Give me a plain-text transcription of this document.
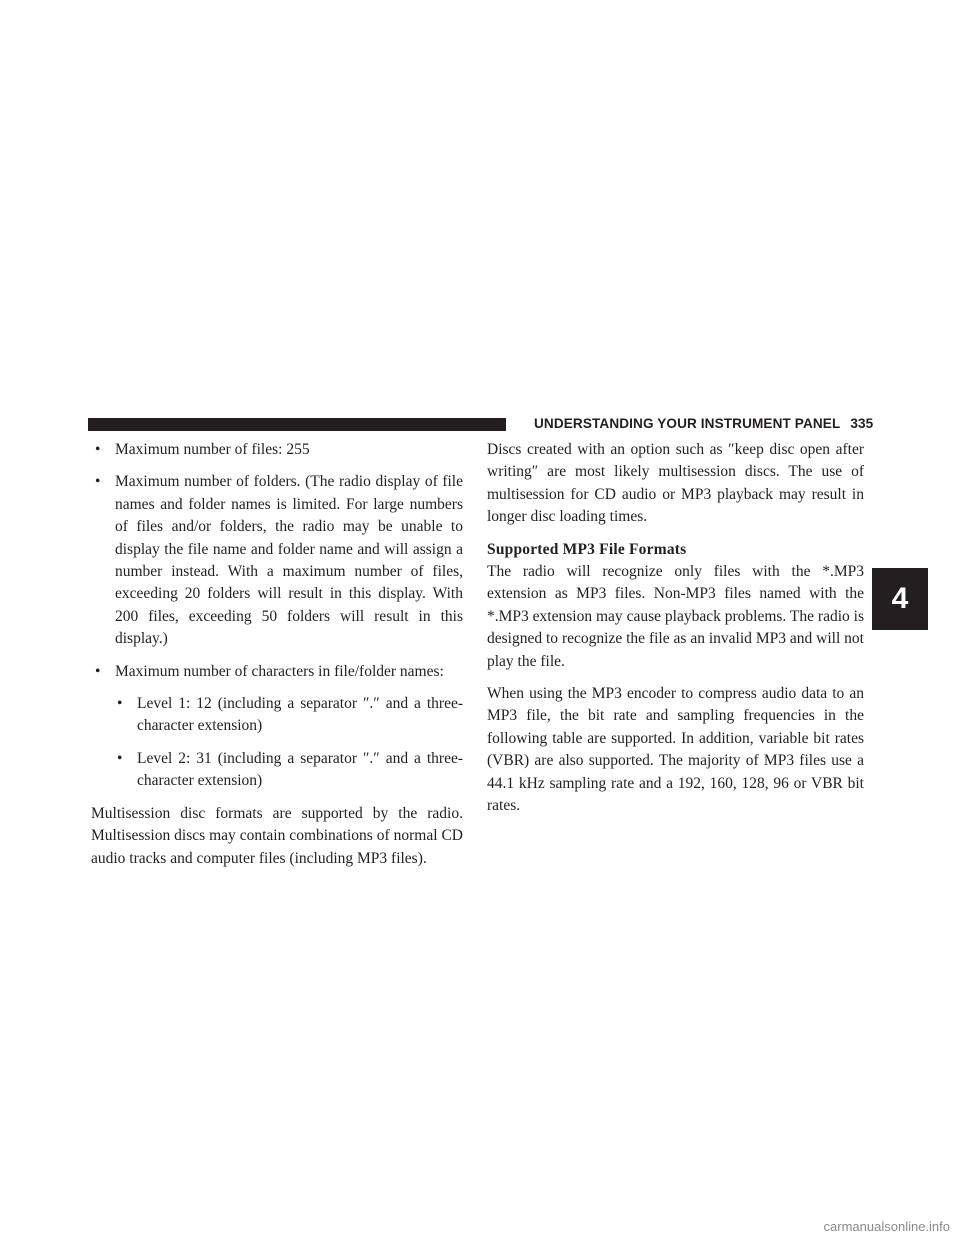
UNDERSTANDING YOUR INSTRUMENT PANEL 335
4
• Maximum number of files: 255
• Maximum number of folders. (The radio display of file names and folder names is limited. For large numbers of files and/or folders, the radio may be unable to display the file name and folder name and will assign a number instead. With a maximum number of files, exceeding 20 folders will result in this display. With 200 files, exceeding 50 folders will result in this display.)
• Maximum number of characters in file/folder names:
• Level 1: 12 (including a separator ″.″ and a three-character extension)
• Level 2: 31 (including a separator ″.″ and a three-character extension)

Multisession disc formats are supported by the radio. Multisession discs may contain combinations of normal CD audio tracks and computer files (including MP3 files).

Discs created with an option such as ″keep disc open after writing″ are most likely multisession discs. The use of multisession for CD audio or MP3 playback may result in longer disc loading times.

Supported MP3 File Formats

The radio will recognize only files with the *.MP3 extension as MP3 files. Non-MP3 files named with the *.MP3 extension may cause playback problems. The radio is designed to recognize the file as an invalid MP3 and will not play the file.

When using the MP3 encoder to compress audio data to an MP3 file, the bit rate and sampling frequencies in the following table are supported. In addition, variable bit rates (VBR) are also supported. The majority of MP3 files use a 44.1 kHz sampling rate and a 192, 160, 128, 96 or VBR bit rates.

carmanualsonline.info
